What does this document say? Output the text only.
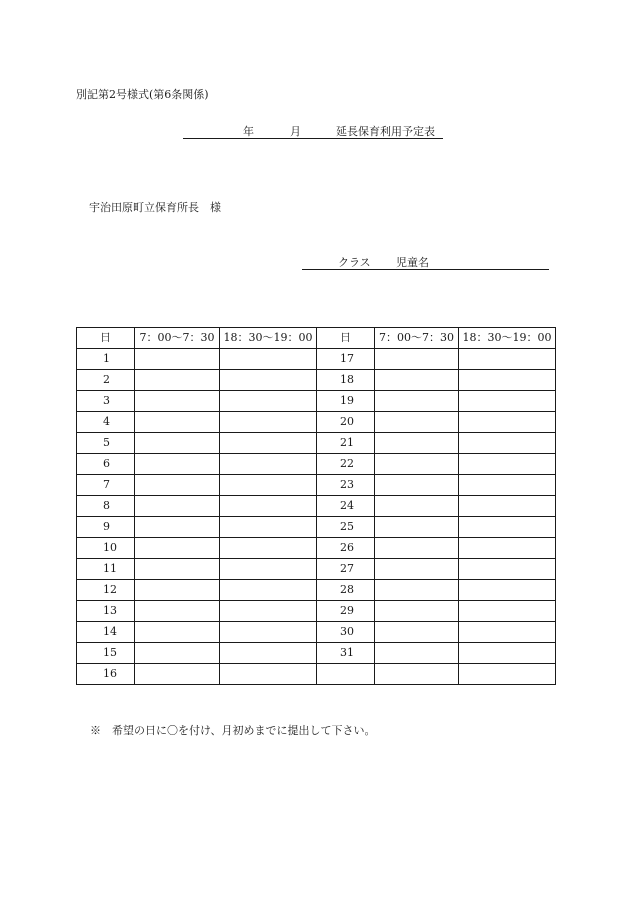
別記第2号様式(第6条関係)
年	月	延長保育利用予定表
宇治田原町立保育所長　様
クラス 児童名
日	7：00〜7：30	18：30〜19：00	日	7：00〜7：30	18：30〜19：00
1			17		
2			18		
3			19		
4			20		
5			21		
6			22		
7			23		
8			24		
9			25		
10			26		
11			27		
12			28		
13			29		
14			30		
15			31		
16					
※　希望の日に〇を付け、月初めまでに提出して下さい。
